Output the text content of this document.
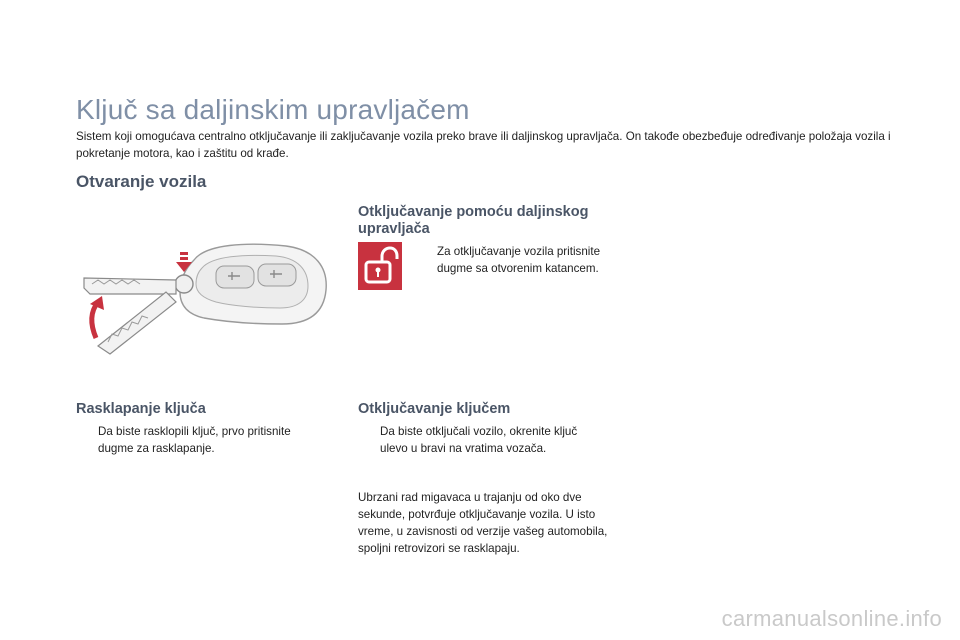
Ključ sa daljinskim upravljačem

Sistem koji omogućava centralno otključavanje ili zaključavanje vozila preko brave ili daljinskog upravljača. On takođe obezbeđuje određivanje položaja vozila i pokretanje motora, kao i zaštitu od krađe.

Otvaranje vozila
Otključavanje pomoću daljinskog
upravljača
Za otključavanje vozila pritisnite dugme sa otvorenim katancem.
Rasklapanje ključa
Da biste rasklopili ključ, prvo pritisnite dugme za rasklapanje.
Otključavanje ključem
Da biste otključali vozilo, okrenite ključ ulevo u bravi na vratima vozača.

Ubrzani rad migavaca u trajanju od oko dve sekunde, potvrđuje otključavanje vozila. U isto vreme, u zavisnosti od verzije vašeg automobila, spoljni retrovizori se rasklapaju.

carmanualsonline.info
